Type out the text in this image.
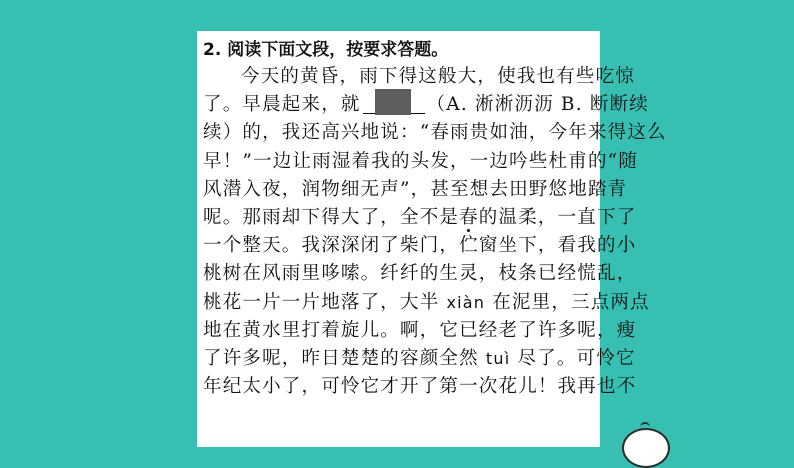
2. 阅读下面文段，按要求答题。
今天的黄昏，雨下得这般大，使我也有些吃惊
了。早晨起来，就	（A. 淅淅沥沥 B. 断断续
续）的，我还高兴地说：“春雨贵如油，今年来得这么
早！”一边让雨湿着我的头发，一边吟些杜甫的“随
风潜入夜，润物细无声”，甚至想去田野悠地踏青
呢。那雨却下得大了，全不是春的温柔，一直下了
一个整天。我深深闭了柴门，伫窗坐下，看我的小
桃树在风雨里哆嗦。纤纤的生灵，枝条已经慌乱，
桃花一片一片地落了，大半 xiàn 在泥里，三点两点
地在黄水里打着旋儿。啊，它已经老了许多呢，瘦
了许多呢，昨日楚楚的容颜全然 tuì 尽了。可怜它
年纪太小了，可怜它才开了第一次花儿！我再也不
